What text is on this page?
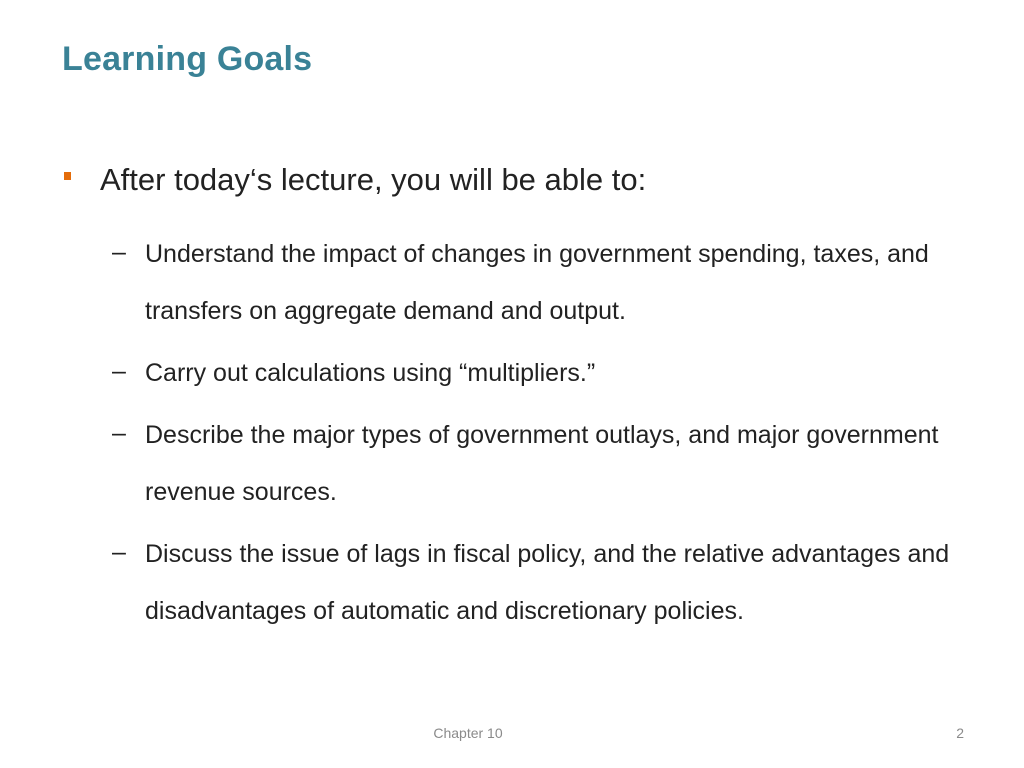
Learning Goals
After today‘s lecture, you will be able to:
– Understand the impact of changes in government spending, taxes, and transfers on aggregate demand and output.
– Carry out calculations using “multipliers.”
– Describe the major types of government outlays, and major government revenue sources.
– Discuss the issue of lags in fiscal policy, and the relative advantages and disadvantages of automatic and discretionary policies.
Chapter 10	2
